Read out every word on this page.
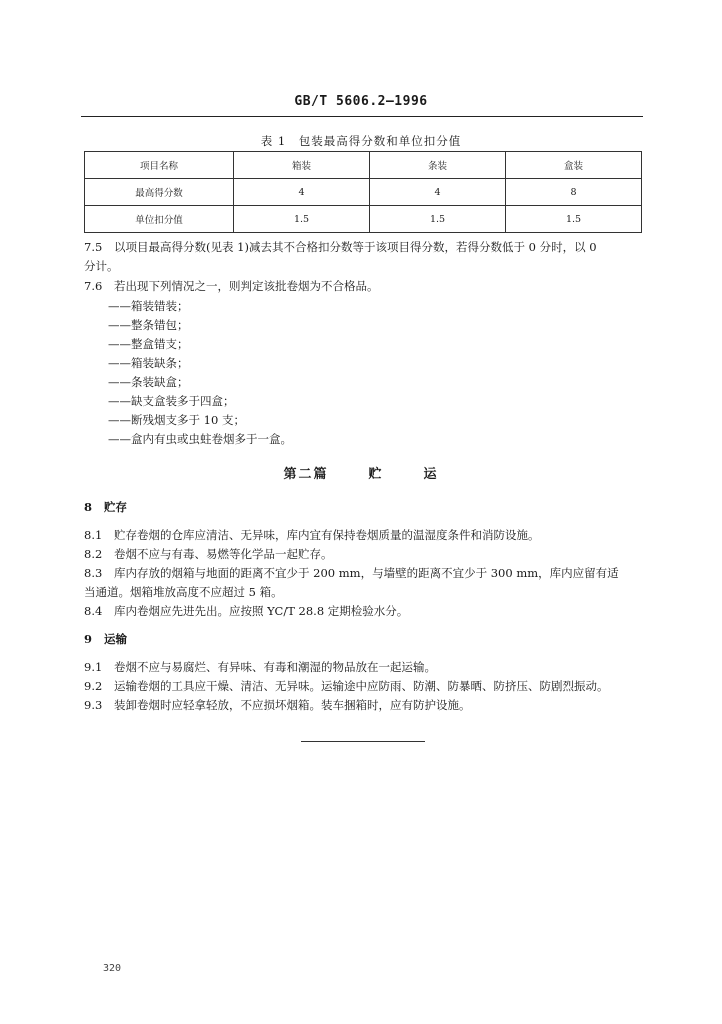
GB/T 5606.2—1996
表 1　包装最高得分数和单位扣分值
项目名称	箱装	条装	盒装
最高得分数	4	4	8
单位扣分值	1.5	1.5	1.5
7.5 以项目最高得分数(见表 1)减去其不合格扣分数等于该项目得分数，若得分数低于 0 分时，以 0
分计。
7.6 若出现下列情况之一，则判定该批卷烟为不合格品。
——箱装错装；
——整条错包；
——整盒错支；
——箱装缺条；
——条装缺盒；
——缺支盒装多于四盒；
——断残烟支多于 10 支；
——盒内有虫或虫蛀卷烟多于一盒。
第二篇	贮	运
8 贮存
8.1 贮存卷烟的仓库应清洁、无异味，库内宜有保持卷烟质量的温湿度条件和消防设施。
8.2 卷烟不应与有毒、易燃等化学品一起贮存。
8.3 库内存放的烟箱与地面的距离不宜少于 200 mm，与墙壁的距离不宜少于 300 mm，库内应留有适
当通道。烟箱堆放高度不应超过 5 箱。
8.4 库内卷烟应先进先出。应按照 YC/T 28.8 定期检验水分。
9 运输
9.1 卷烟不应与易腐烂、有异味、有毒和潮湿的物品放在一起运输。
9.2 运输卷烟的工具应干燥、清洁、无异味。运输途中应防雨、防潮、防暴晒、防挤压、防剧烈振动。
9.3 装卸卷烟时应轻拿轻放，不应损坏烟箱。装车捆箱时，应有防护设施。
320
